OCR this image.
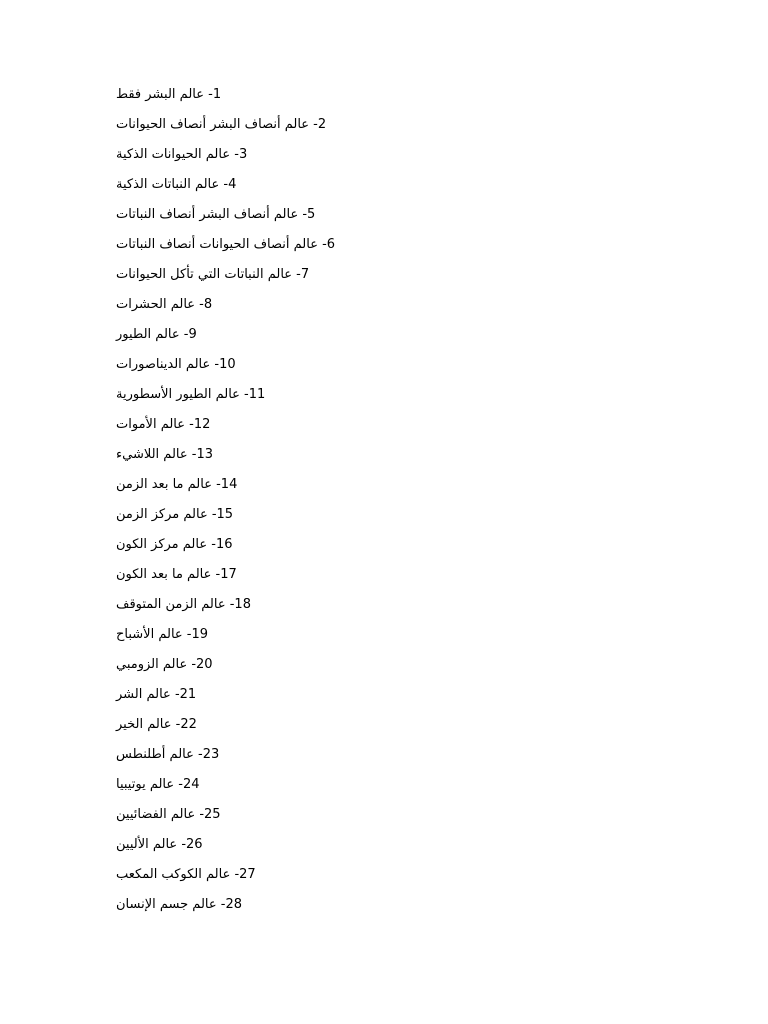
1- عالم البشر فقط
2- عالم أنصاف البشر أنصاف الحيوانات
3- عالم الحيوانات الذكية
4- عالم النباتات الذكية
5- عالم أنصاف البشر أنصاف النباتات
6- عالم أنصاف الحيوانات أنصاف النباتات
7- عالم النباتات التي تأكل الحيوانات
8- عالم الحشرات
9- عالم الطيور
10- عالم الديناصورات
11- عالم الطيور الأسطورية
12- عالم الأموات
13- عالم اللاشيء
14- عالم ما بعد الزمن
15- عالم مركز الزمن
16- عالم مركز الكون
17- عالم ما بعد الكون
18- عالم الزمن المتوقف
19- عالم الأشباح
20- عالم الزومبي
21- عالم الشر
22- عالم الخير
23- عالم أطلنطس
24- عالم يوتيبيا
25- عالم الفضائيين
26- عالم الأليين
27- عالم الكوكب المكعب
28- عالم جسم الإنسان
